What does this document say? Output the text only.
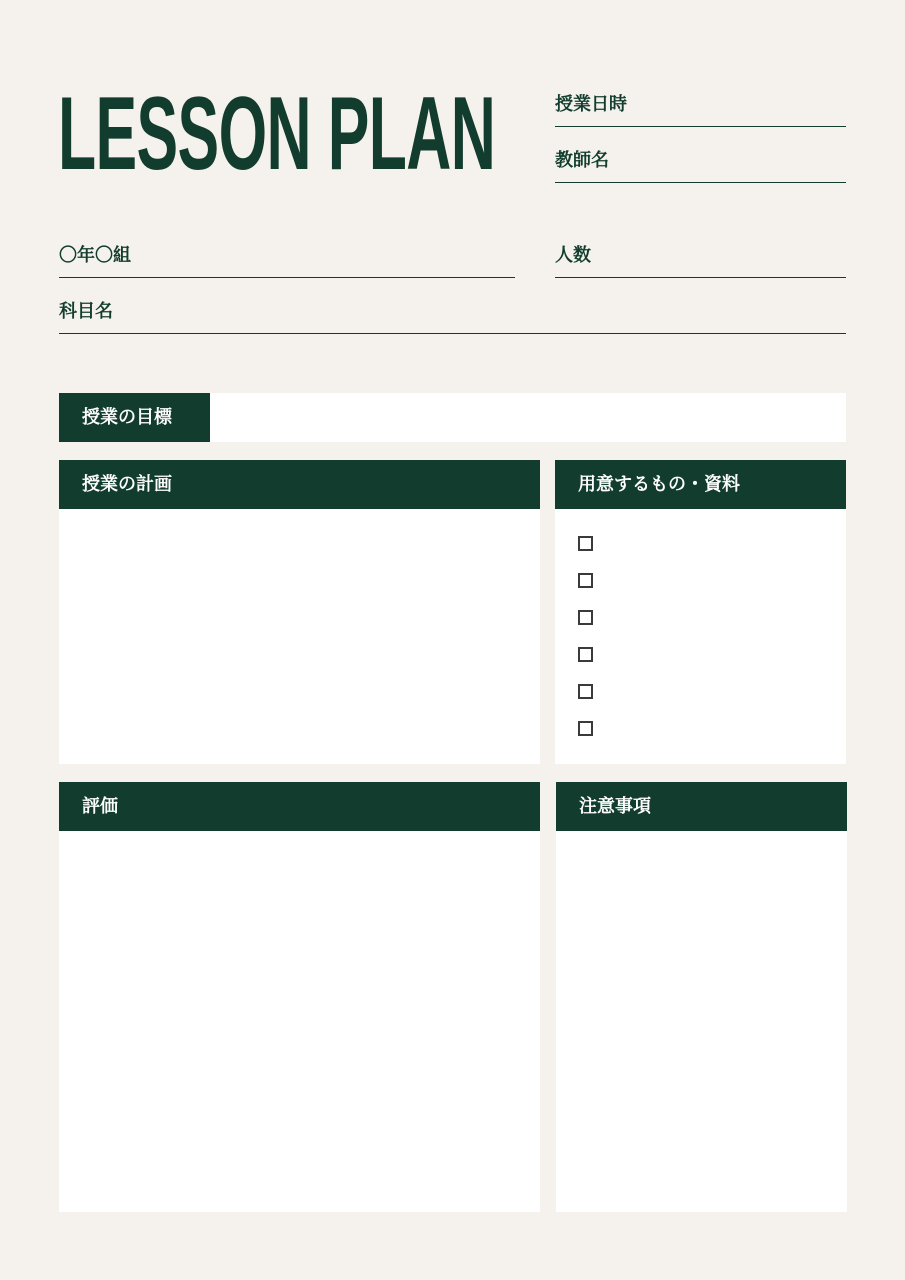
LESSON PLAN	授業日時
教師名
〇年〇組	人数
科目名
授業の目標
授業の計画	用意するもの・資料
評価	注意事項
